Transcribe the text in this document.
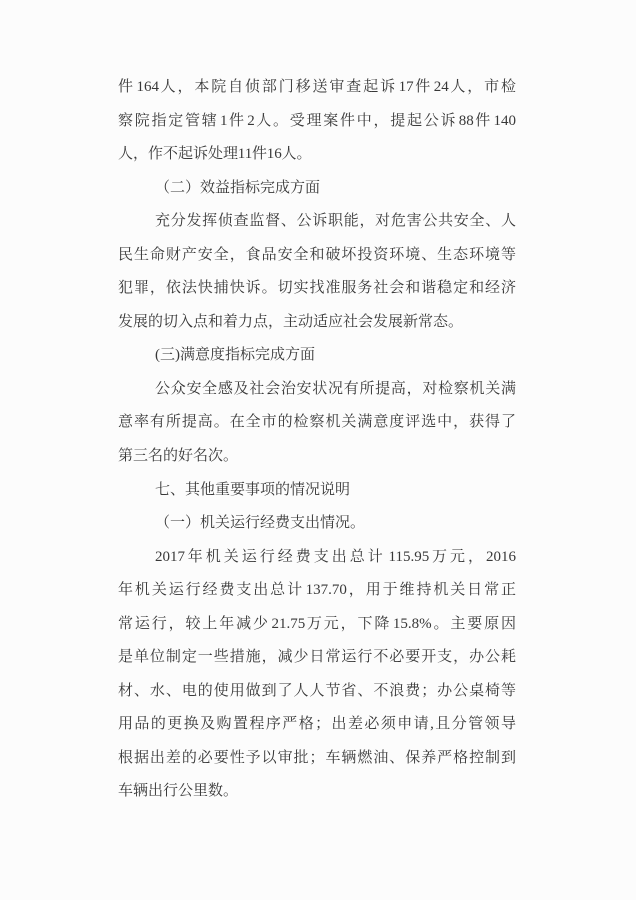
件 164 人，本院自侦部门移送审查起诉 17 件 24 人，市检
察院指定管辖 1 件 2 人。受理案件中，提起公诉 88 件 140
人，作不起诉处理 11 件 16 人。
（二）效益指标完成方面
充分发挥侦查监督、公诉职能，对危害公共安全、人
民生命财产安全，食品安全和破坏投资环境、生态环境等
犯罪，依法快捕快诉。切实找准服务社会和谐稳定和经济
发展的切入点和着力点，主动适应社会发展新常态。
(三)满意度指标完成方面
公众安全感及社会治安状况有所提高，对检察机关满
意率有所提高。在全市的检察机关满意度评选中，获得了
第三名的好名次。
七、其他重要事项的情况说明
（一）机关运行经费支出情况。
2017 年机关运行经费支出总计 115.95 万元，2016
年机关运行经费支出总计 137.70，用于维持机关日常正
常运行，较上年减少 21.75 万元，下降 15.8%。主要原因
是单位制定一些措施，减少日常运行不必要开支，办公耗
材、水、电的使用做到了人人节省、不浪费；办公桌椅等
用品的更换及购置程序严格；出差必须申请,且分管领导
根据出差的必要性予以审批；车辆燃油、保养严格控制到
车辆出行公里数。
